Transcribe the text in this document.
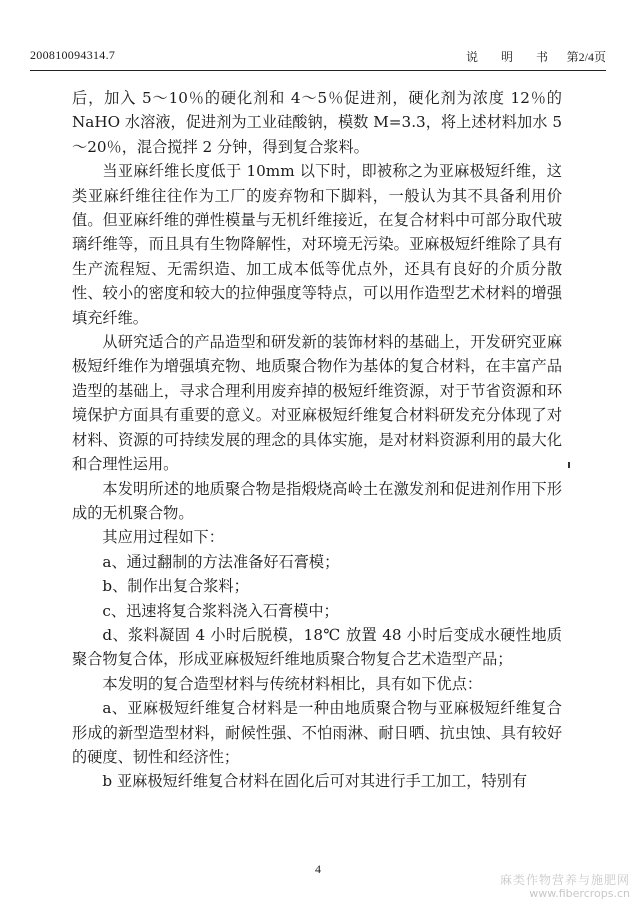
200810094314.7	说 明 书 第2/4页

后，加入 5～10％的硬化剂和 4～5％促进剂，硬化剂为浓度 12％的 NaHO 水溶液，促进剂为工业硅酸钠，模数 M=3.3，将上述材料加水 5～20％，混合搅拌 2 分钟，得到复合浆料。

当亚麻纤维长度低于 10mm 以下时，即被称之为亚麻极短纤维，这类亚麻纤维往往作为工厂的废弃物和下脚料，一般认为其不具备利用价值。但亚麻纤维的弹性模量与无机纤维接近，在复合材料中可部分取代玻璃纤维等，而且具有生物降解性，对环境无污染。亚麻极短纤维除了具有生产流程短、无需织造、加工成本低等优点外，还具有良好的介质分散性、较小的密度和较大的拉伸强度等特点，可以用作造型艺术材料的增强填充纤维。

从研究适合的产品造型和研发新的装饰材料的基础上，开发研究亚麻极短纤维作为增强填充物、地质聚合物作为基体的复合材料，在丰富产品造型的基础上，寻求合理利用废弃掉的极短纤维资源，对于节省资源和环境保护方面具有重要的意义。对亚麻极短纤维复合材料研发充分体现了对材料、资源的可持续发展的理念的具体实施，是对材料资源利用的最大化和合理性运用。

本发明所述的地质聚合物是指煅烧高岭土在激发剂和促进剂作用下形成的无机聚合物。

其应用过程如下：

a、通过翻制的方法准备好石膏模；

b、制作出复合浆料；

c、迅速将复合浆料浇入石膏模中；

d、浆料凝固 4 小时后脱模，18℃ 放置 48 小时后变成水硬性地质聚合物复合体，形成亚麻极短纤维地质聚合物复合艺术造型产品；

本发明的复合造型材料与传统材料相比，具有如下优点：

a、亚麻极短纤维复合材料是一种由地质聚合物与亚麻极短纤维复合形成的新型造型材料，耐候性强、不怕雨淋、耐日晒、抗虫蚀、具有较好的硬度、韧性和经济性；

b 亚麻极短纤维复合材料在固化后可对其进行手工加工，特别有

4
麻类作物营养与施肥网
www.fibercrops.cn
